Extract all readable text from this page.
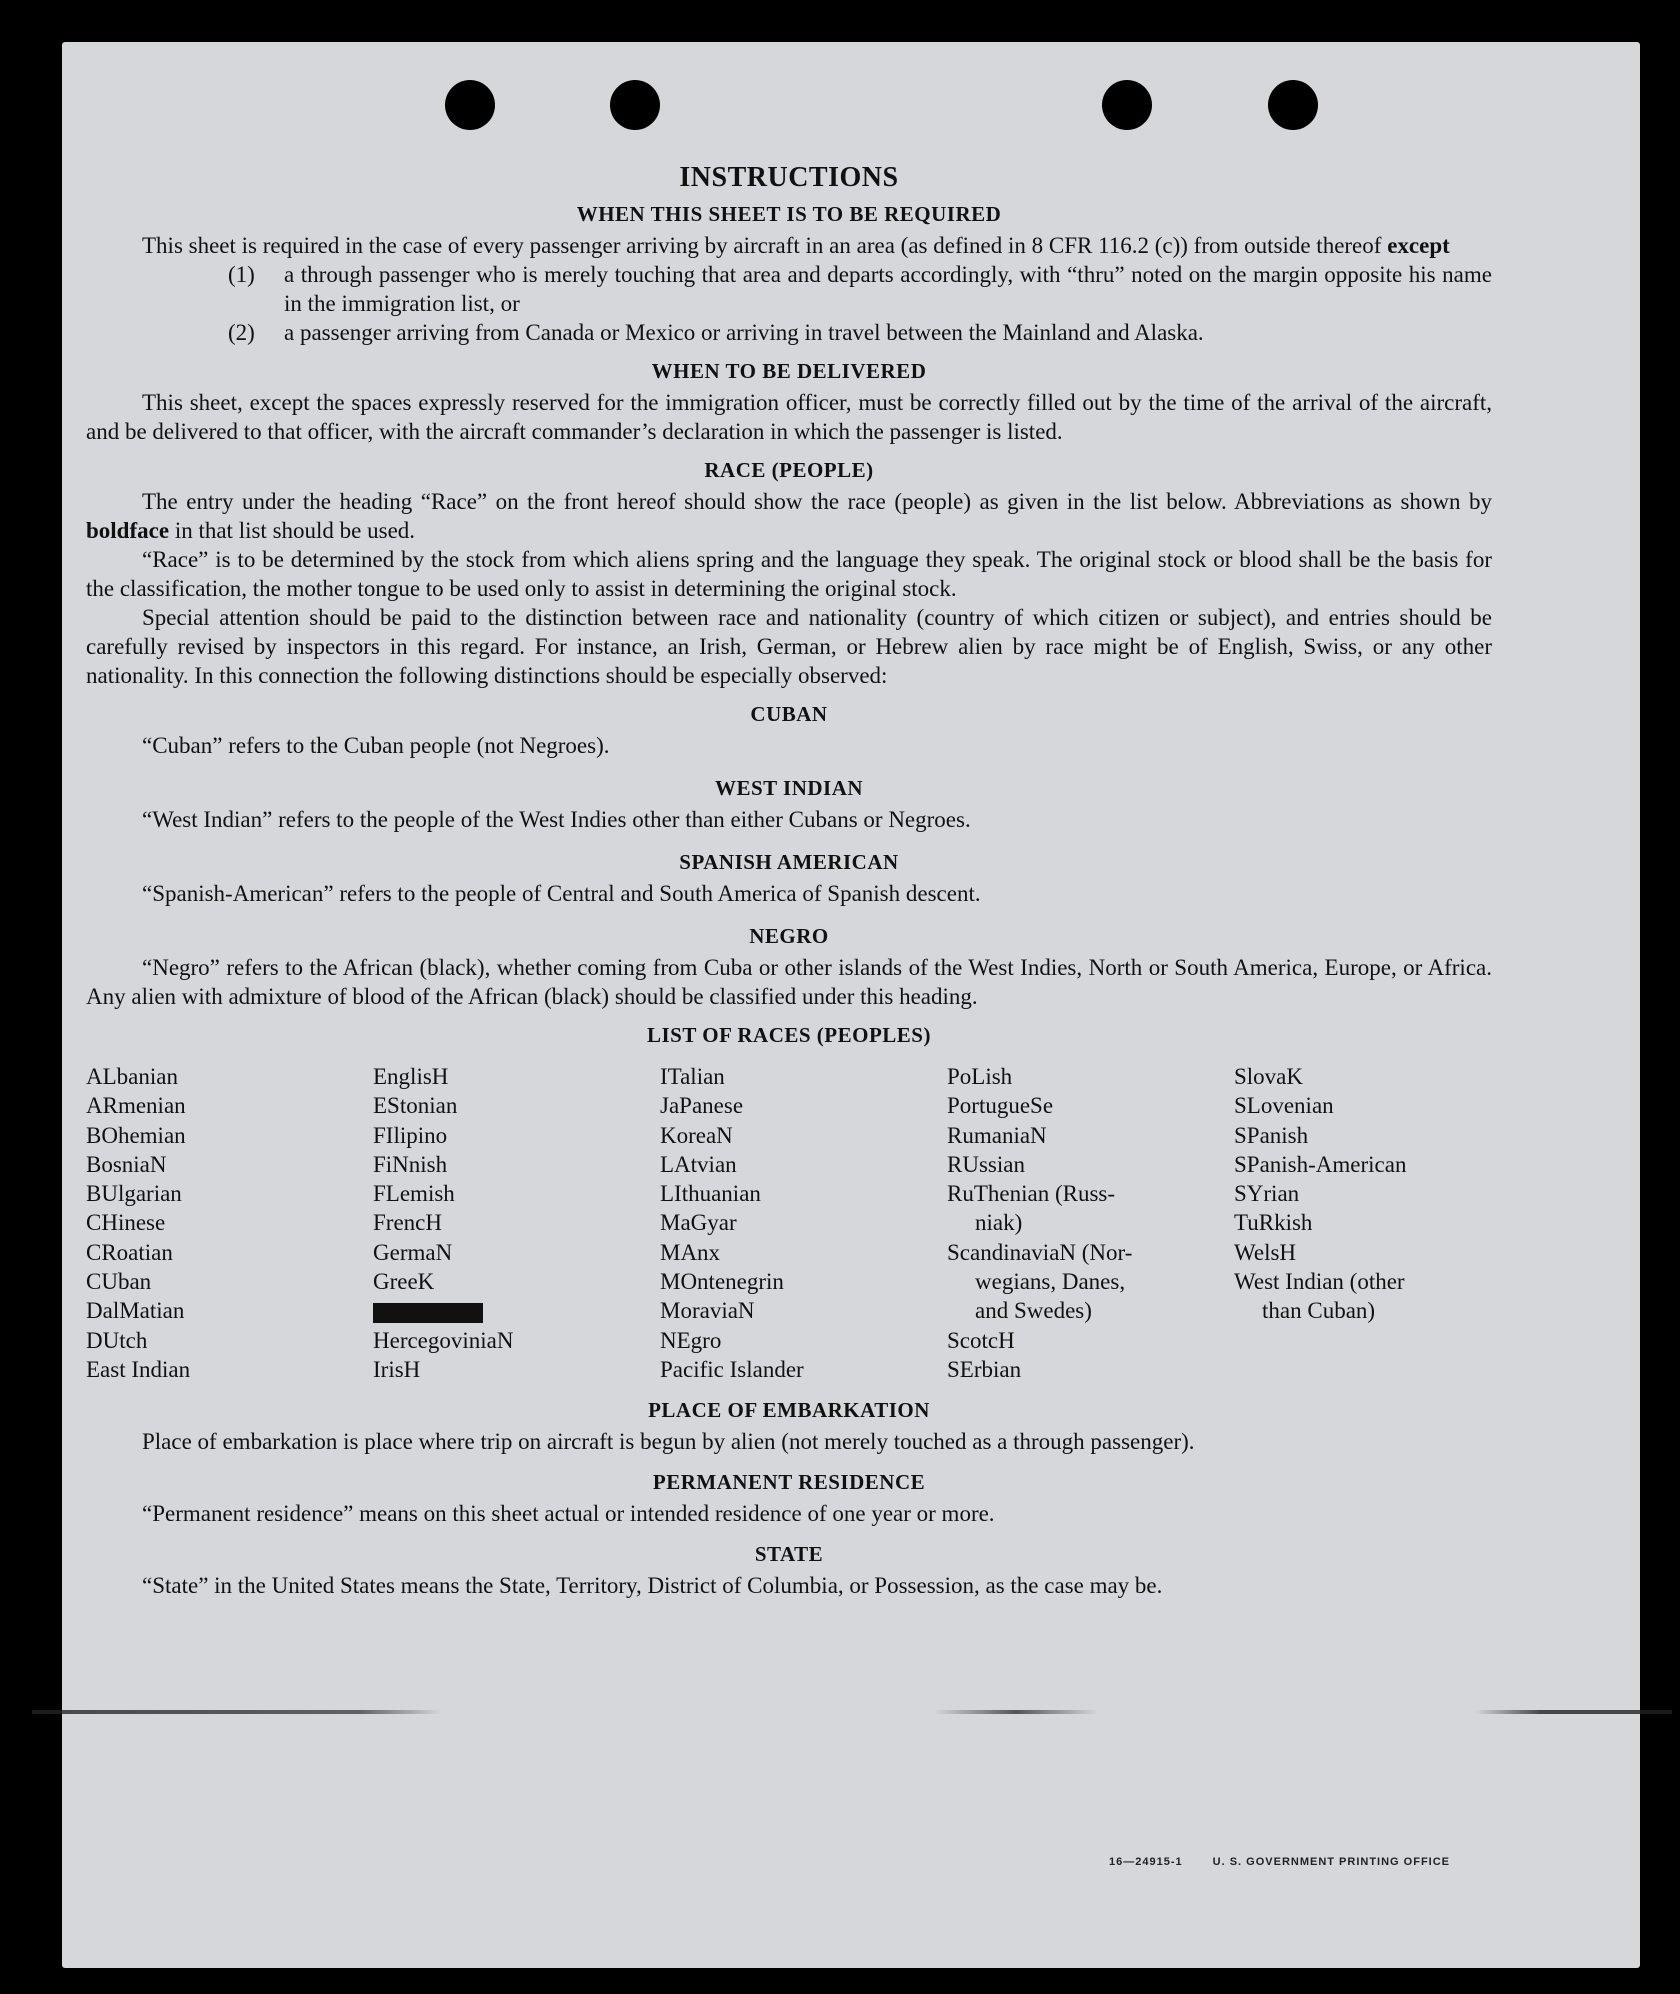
INSTRUCTIONS
WHEN THIS SHEET IS TO BE REQUIRED

This sheet is required in the case of every passenger arriving by aircraft in an area (as defined in 8 CFR 116.2 (c)) from outside thereof except

(1) a through passenger who is merely touching that area and departs accordingly, with “thru” noted on the margin opposite his name in the immigration list, or
(2) a passenger arriving from Canada or Mexico or arriving in travel between the Mainland and Alaska.
WHEN TO BE DELIVERED

This sheet, except the spaces expressly reserved for the immigration officer, must be correctly filled out by the time of the arrival of the aircraft, and be delivered to that officer, with the aircraft commander’s declaration in which the passenger is listed.

RACE (PEOPLE)

The entry under the heading “Race” on the front hereof should show the race (people) as given in the list below. Abbreviations as shown by boldface in that list should be used.

“Race” is to be determined by the stock from which aliens spring and the language they speak. The original stock or blood shall be the basis for the classification, the mother tongue to be used only to assist in determining the original stock.

Special attention should be paid to the distinction between race and nationality (country of which citizen or subject), and entries should be carefully revised by inspectors in this regard. For instance, an Irish, German, or Hebrew alien by race might be of English, Swiss, or any other nationality. In this connection the following distinctions should be especially observed:

CUBAN

“Cuban” refers to the Cuban people (not Negroes).

WEST INDIAN

“West Indian” refers to the people of the West Indies other than either Cubans or Negroes.

SPANISH AMERICAN

“Spanish-American” refers to the people of Central and South America of Spanish descent.

NEGRO

“Negro” refers to the African (black), whether coming from Cuba or other islands of the West Indies, North or South America, Europe, or Africa. Any alien with admixture of blood of the African (black) should be classified under this heading.

LIST OF RACES (PEOPLES)
ALbanian
ARmenian
BOhemian
BosniaN
BUlgarian
CHinese
CRoatian
CUban
DalMatian
DUtch
East Indian
EnglisH
EStonian
FIlipino
FiNnish
FLemish
FrencH
GermaN
GreeK
HercegoviniaN
IrisH
ITalian
JaPanese
KoreaN
LAtvian
LIthuanian
MaGyar
MAnx
MOntenegrin
MoraviaN
NEgro
Pacific Islander
PoLish
PortugueSe
RumaniaN
RUssian
RuThenian (Russ-
niak)
ScandinaviaN (Nor-
wegians, Danes,
and Swedes)
ScotcH
SErbian
SlovaK
SLovenian
SPanish
SPanish-American
SYrian
TuRkish
WelsH
West Indian (other
than Cuban)
PLACE OF EMBARKATION

Place of embarkation is place where trip on aircraft is begun by alien (not merely touched as a through passenger).

PERMANENT RESIDENCE

“Permanent residence” means on this sheet actual or intended residence of one year or more.

STATE

“State” in the United States means the State, Territory, District of Columbia, or Possession, as the case may be.

16—24915-1	U. S. GOVERNMENT PRINTING OFFICE
